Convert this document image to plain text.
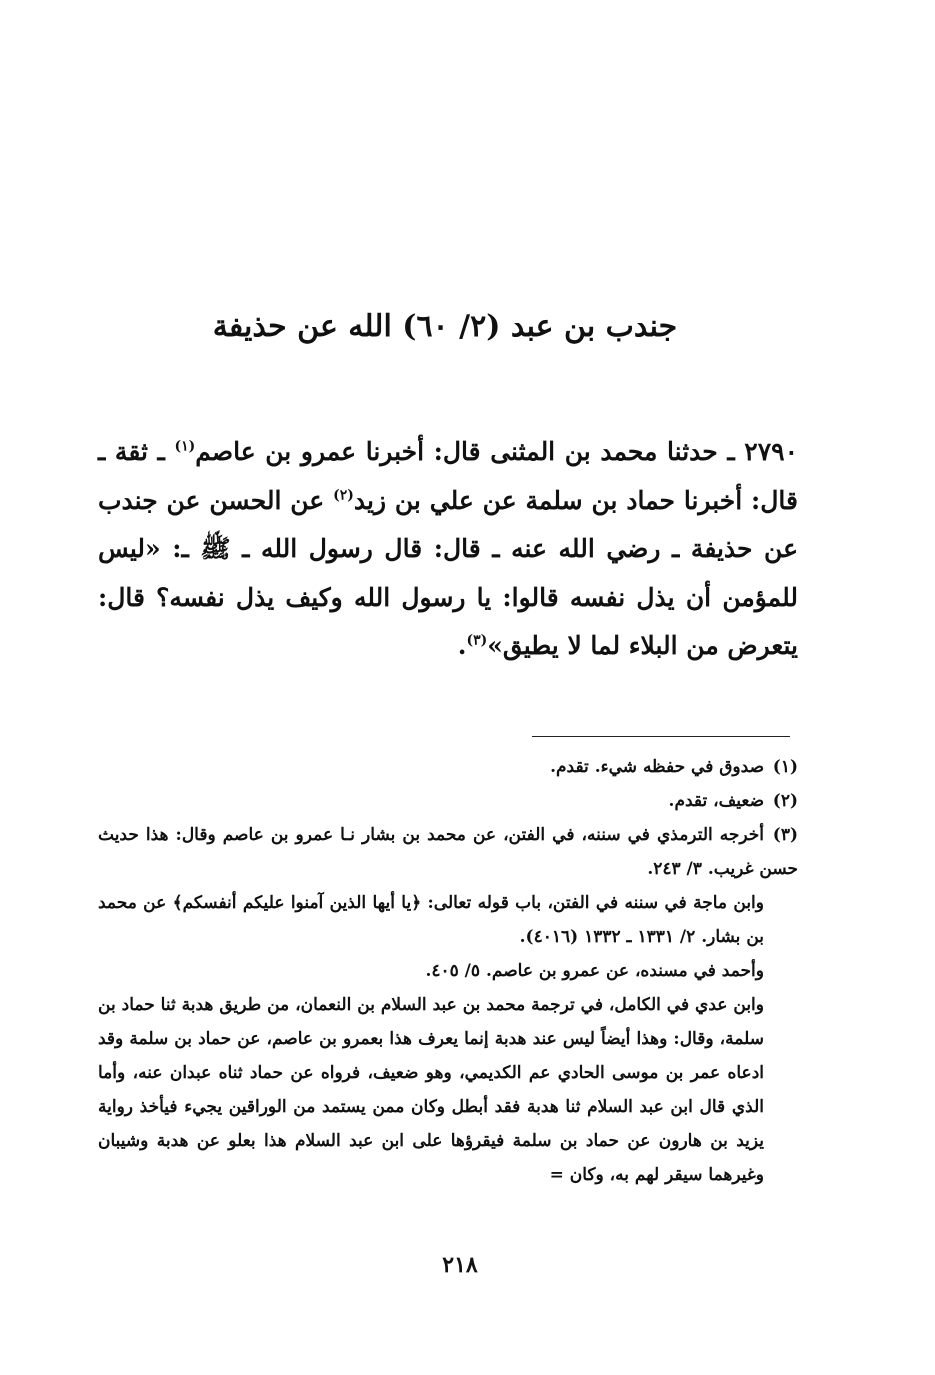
جندب بن عبد (٢/ ٦٠) الله عن حذيفة
٢٧٩٠ ـ حدثنا محمد بن المثنى قال: أخبرنا عمرو بن عاصم$^{(١)}$ ـ ثقة ـ قال: أخبرنا حماد بن سلمة عن علي بن زيد$^{(٢)}$ عن الحسن عن جندب عن حذيفة ـ رضي الله عنه ـ قال: قال رسول الله ـ ﷺ ـ: «ليس للمؤمن أن يذل نفسه قالوا: يا رسول الله وكيف يذل نفسه؟ قال: يتعرض من البلاء لما لا يطيق»$^{(٣)}$.

(١)صدوق في حفظه شيء. تقدم.

(٢)ضعيف، تقدم.

(٣)أخرجه الترمذي في سننه، في الفتن، عن محمد بن بشار نـا عمرو بن عاصم وقال: هذا حديث حسن غريب. ٣/ ٢٤٣.

وابن ماجة في سننه في الفتن، باب قوله تعالى: ﴿يا أيها الذين آمنوا عليكم أنفسكم﴾ عن محمد بن بشار. ٢/ ١٣٣١ ـ ١٣٣٢ (٤٠١٦).

وأحمد في مسنده، عن عمرو بن عاصم. ٥/ ٤٠٥.

وابن عدي في الكامل، في ترجمة محمد بن عبد السلام بن النعمان، من طريق هدبة ثنا حماد بن سلمة، وقال: وهذا أيضاً ليس عند هدبة إنما يعرف هذا بعمرو بن عاصم، عن حماد بن سلمة وقد ادعاه عمر بن موسى الحادي عم الكديمي، وهو ضعيف، فرواه عن حماد ثناه عبدان عنه، وأما الذي قال ابن عبد السلام ثنا هدبة فقد أبطل وكان ممن يستمد من الوراقين يجيء فيأخذ رواية يزيد بن هارون عن حماد بن سلمة فيقرؤها على ابن عبد السلام هذا بعلو عن هدبة وشيبان وغيرهما سيقر لهم به، وكان =

٢١٨
